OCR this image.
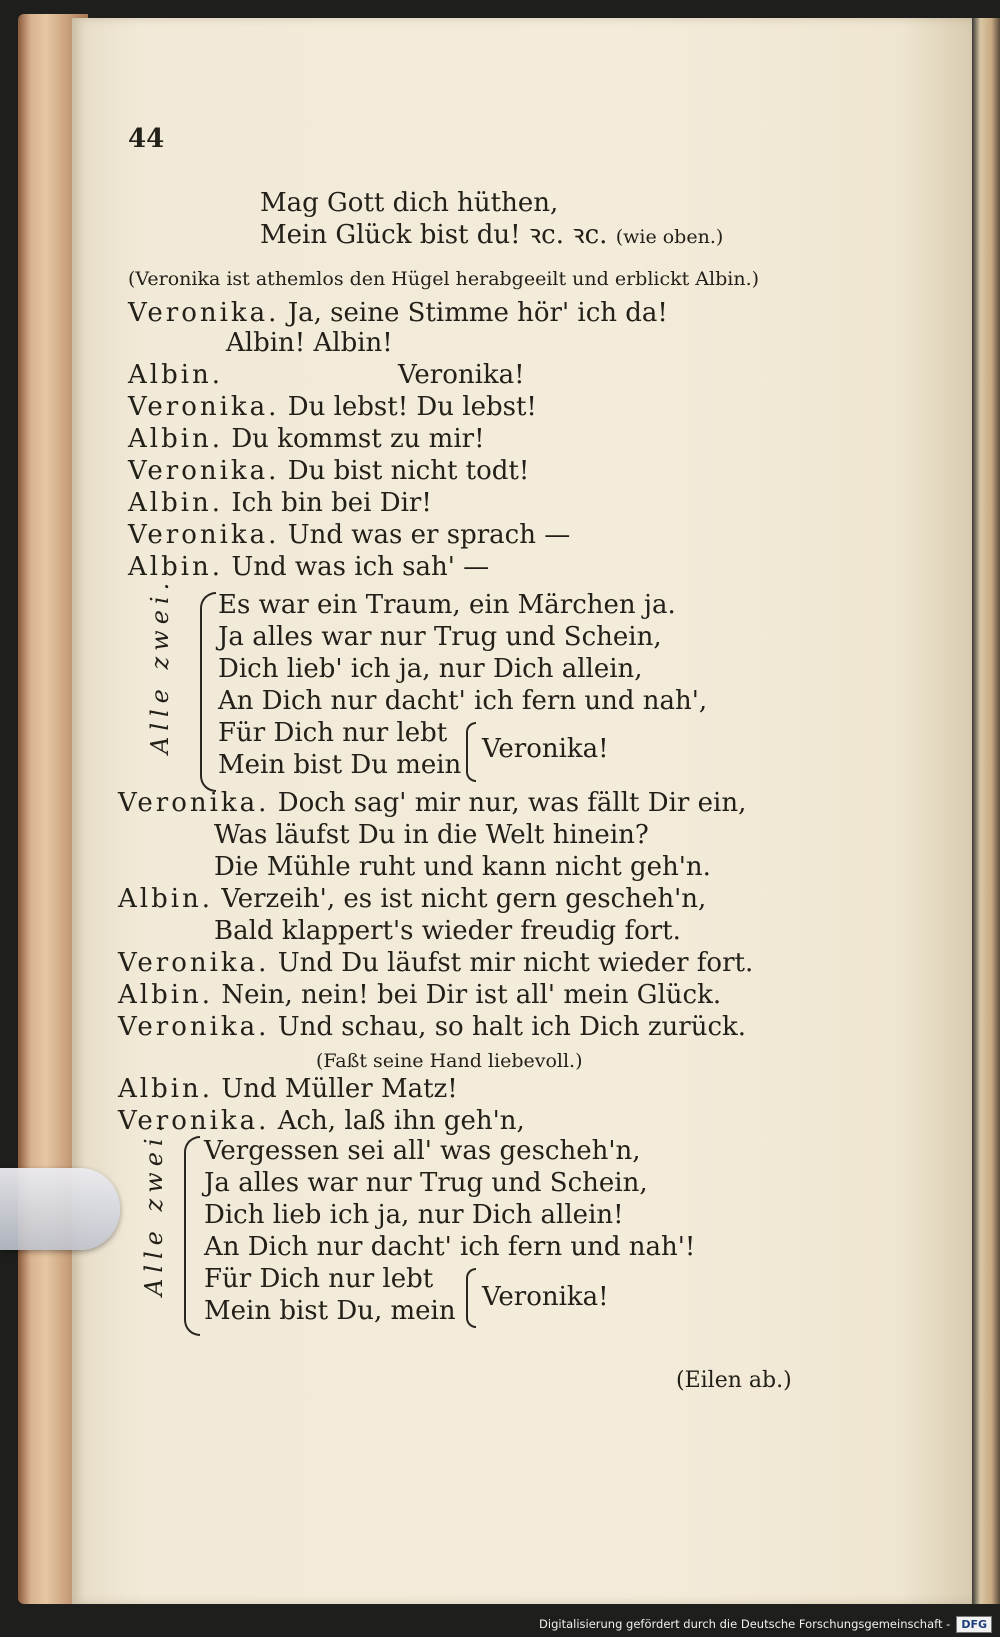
44
Mag Gott dich hüthen,
Mein Glück bist du! ꝛc. ꝛc. (wie oben.)
(Veronika ist athemlos den Hügel herabgeeilt und erblickt Albin.)
Veronika. Ja, seine Stimme hör' ich da!
Albin! Albin!
Albin.	Veronika!
Veronika. Du lebst! Du lebst!
Albin. Du kommst zu mir!
Veronika. Du bist nicht todt!
Albin. Ich bin bei Dir!
Veronika. Und was er sprach —
Albin. Und was ich sah' —
Alle zwei. Es war ein Traum, ein Märchen ja.
Ja alles war nur Trug und Schein,
Dich lieb' ich ja, nur Dich allein,
An Dich nur dacht' ich fern und nah',
Für Dich nur lebt
Mein bist Du mein
Veronika!
Veronika. Doch sag' mir nur, was fällt Dir ein,
Was läufst Du in die Welt hinein?
Die Mühle ruht und kann nicht geh'n.
Albin. Verzeih', es ist nicht gern gescheh'n,
Bald klappert's wieder freudig fort.
Veronika. Und Du läufst mir nicht wieder fort.
Albin. Nein, nein! bei Dir ist all' mein Glück.
Veronika. Und schau, so halt ich Dich zurück.
(Faßt seine Hand liebevoll.)
Albin. Und Müller Matz!
Veronika. Ach, laß ihn geh'n,
Alle zwei. Vergessen sei all' was gescheh'n,
Ja alles war nur Trug und Schein,
Dich lieb ich ja, nur Dich allein!
An Dich nur dacht' ich fern und nah'!
Für Dich nur lebt
Mein bist Du, mein Veronika!
(Eilen ab.)
Digitalisierung gefördert durch die Deutsche Forschungsgemeinschaft -	DFG
